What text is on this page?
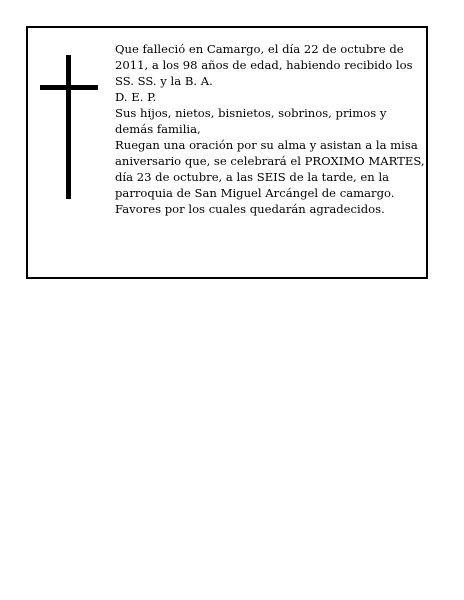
Que falleció en Camargo, el día 22 de octubre de 2011, a los 98 años de edad, habiendo recibido los SS. SS. y la B. A.

D. E. P.

Sus hijos, nietos, bisnietos, sobrinos, primos y demás familia,

Ruegan una oración por su alma y asistan a la misa aniversario que, se celebrará el PROXIMO MARTES, día 23 de octubre, a las SEIS de la tarde, en la parroquia de San Miguel Arcángel de camargo. Favores por los cuales quedarán agradecidos.
